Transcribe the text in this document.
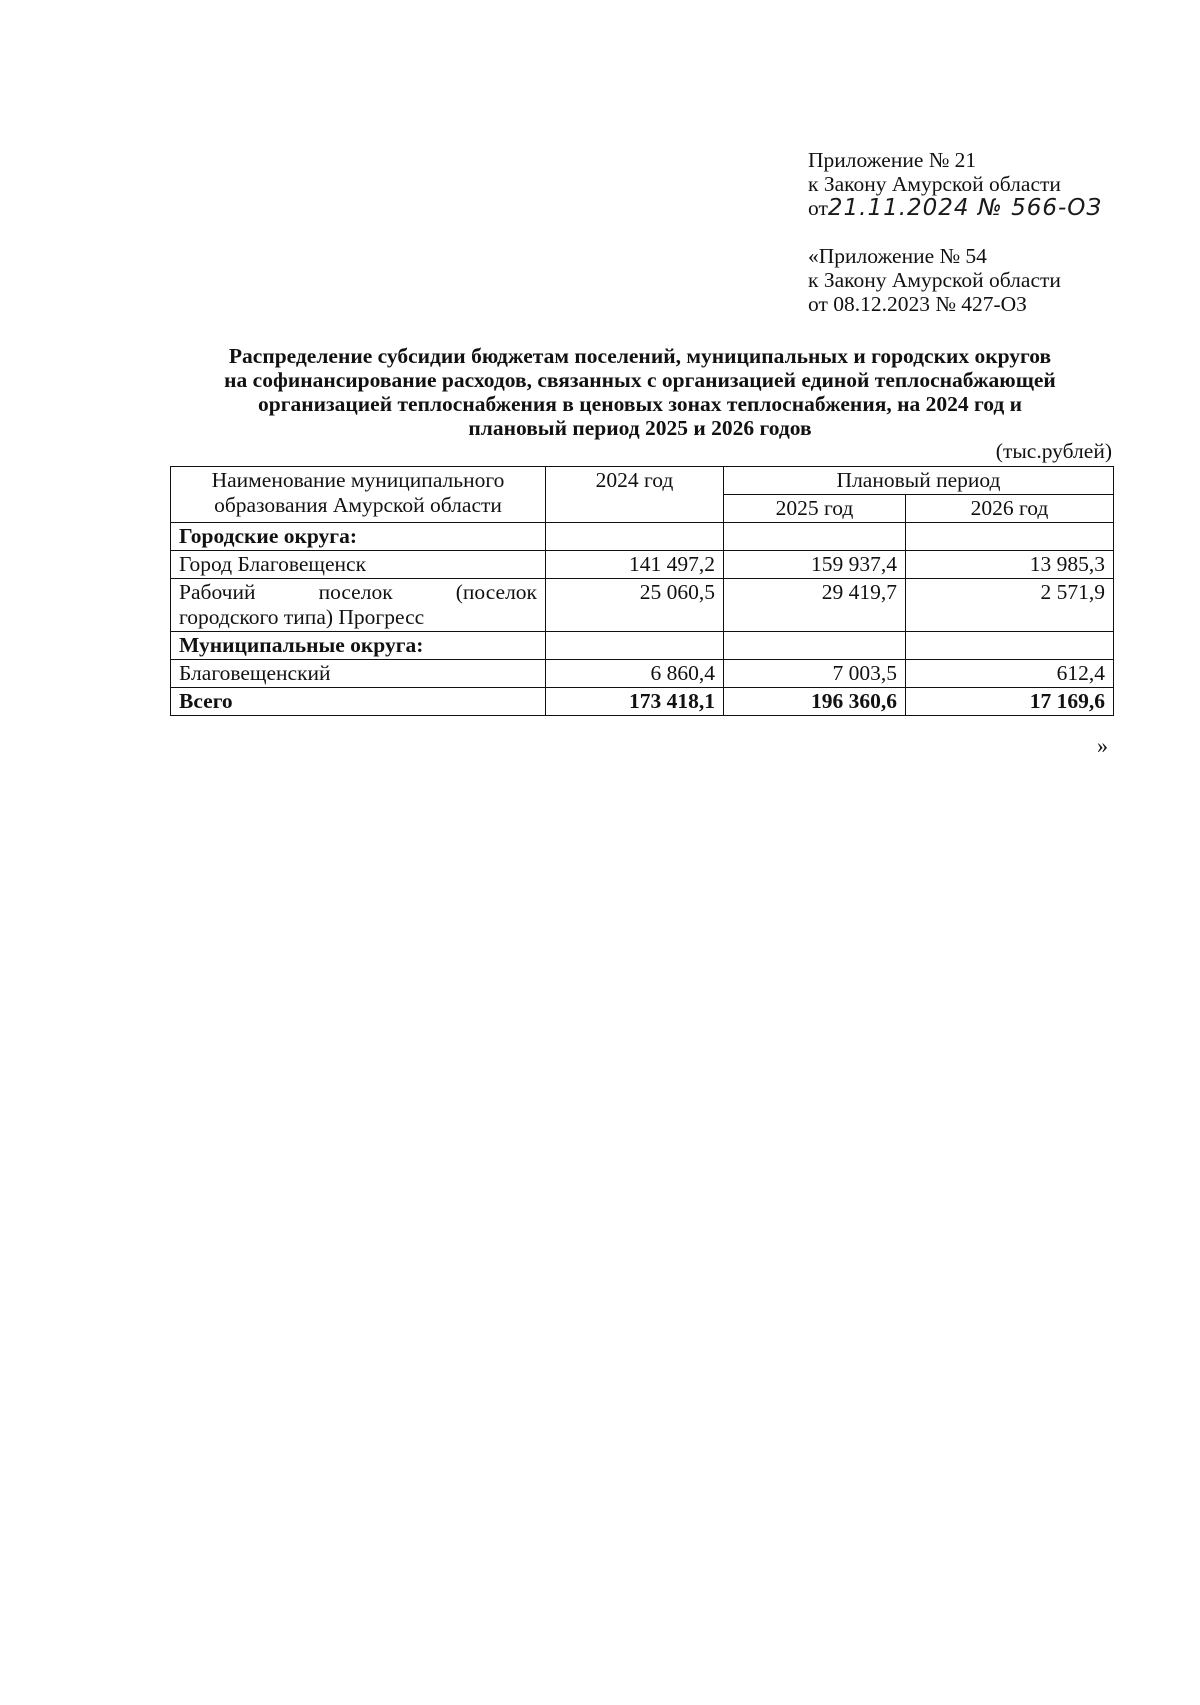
Приложение № 21
к Закону Амурской области
от21.11.2024 № 566-ОЗ
«Приложение № 54
к Закону Амурской области
от 08.12.2023 № 427-ОЗ
Распределение субсидии бюджетам поселений, муниципальных и городских округов
на софинансирование расходов, связанных с организацией единой теплоснабжающей
организацией теплоснабжения в ценовых зонах теплоснабжения, на 2024 год и
плановый период 2025 и 2026 годов
(тыс.рублей)
Наименование муниципального
образования Амурской области	2024 год	Плановый период	
		2025 год	2026 год
Городские округа:			
Город Благовещенск	141 497,2	159 937,4	13 985,3

Рабочий поселок (поселок
городского типа) Прогресс	25 060,5	29 419,7	2 571,9
Муниципальные округа:			
Благовещенский	6 860,4	7 003,5	612,4
Всего	173 418,1	196 360,6	17 169,6
»
